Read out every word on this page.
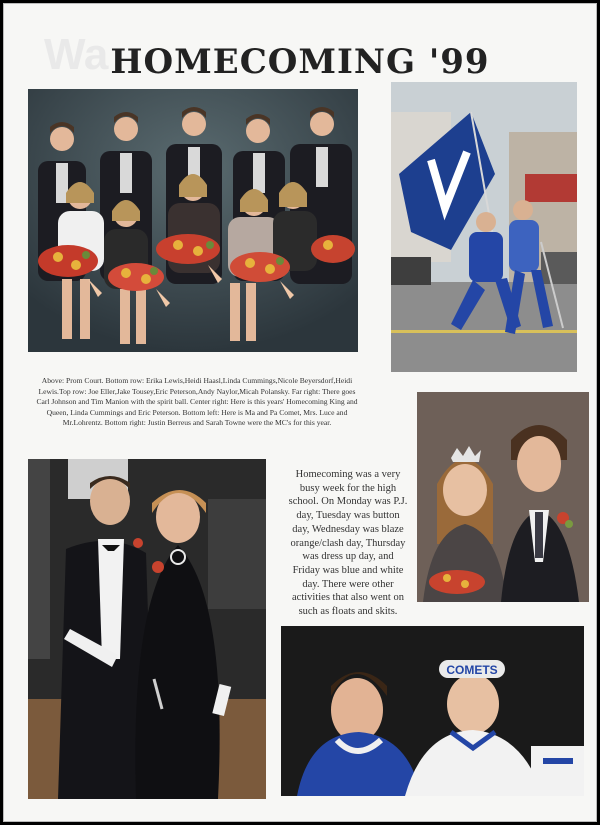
Wa HOMECOMING '99
Above: Prom Court. Bottom row: Erika Lewis,Heidi Haasl,Linda Cummings,Nicole Beyersdorf,Heidi Lewis.Top row: Joe Eller,Jake Tousey,Eric Peterson,Andy Naylor,Micah Polansky. Far right: There goes Carl Johnson and Tim Manion with the spirit ball. Center right: Here is this years' Homecoming King and Queen, Linda Cummings and Eric Peterson. Bottom left: Here is Ma and Pa Comet, Mrs. Luce and Mr.Lohrentz. Bottom right: Justin Berreus and Sarah Towne were the MC's for this year.
Homecoming was a very busy week for the high school. On Monday was P.J. day, Tuesday was button day, Wednesday was blaze orange/clash day, Thursday was dress up day, and Friday was blue and white day. There were other activities that also went on such as floats and skits.
COMETS
